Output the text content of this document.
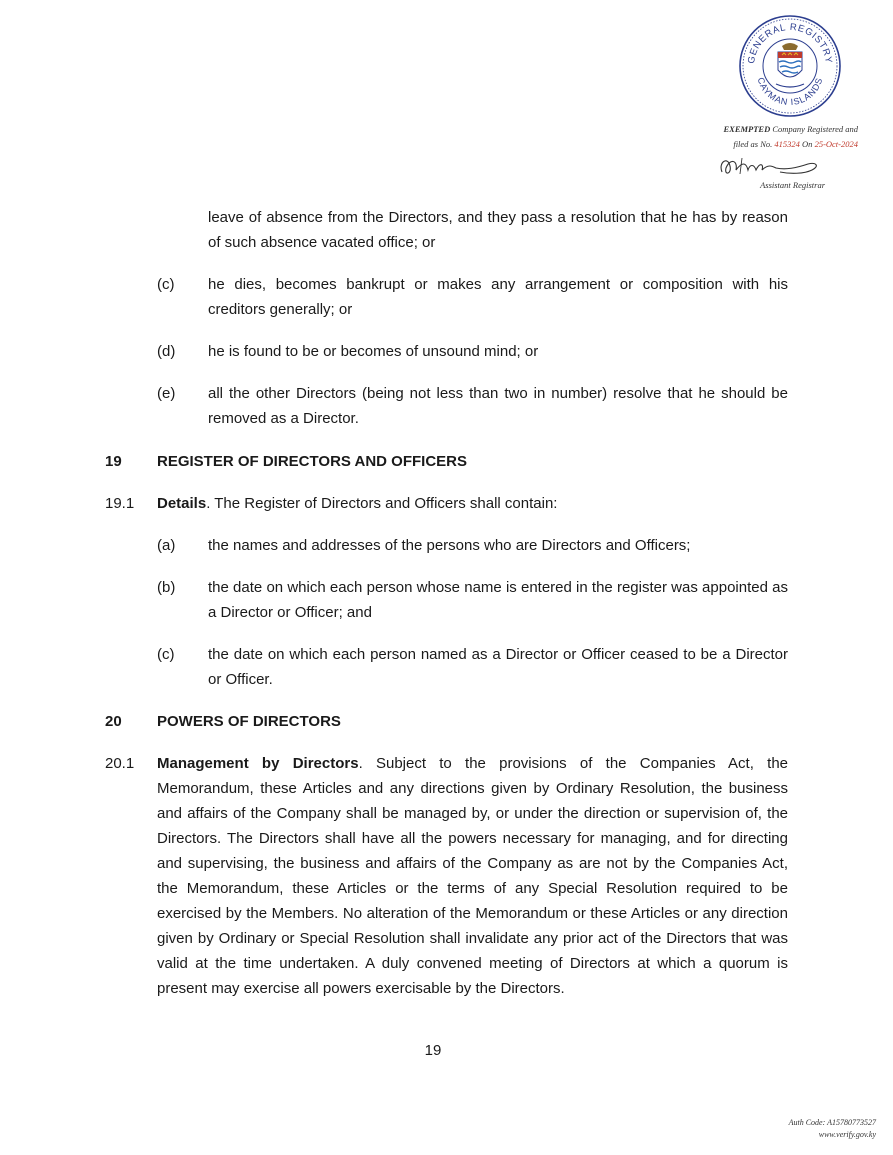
GENERAL REGISTRY
CAYMAN ISLANDS
EXEMPTED Company Registered and
filed as No. 415324 On 25-Oct-2024
Assistant Registrar
leave of absence from the Directors, and they pass a resolution that he has by reason of such absence vacated office; or
(c) he dies, becomes bankrupt or makes any arrangement or composition with his creditors generally; or
(d) he is found to be or becomes of unsound mind; or
(e) all the other Directors (being not less than two in number) resolve that he should be removed as a Director.
19 REGISTER OF DIRECTORS AND OFFICERS
19.1 Details. The Register of Directors and Officers shall contain:
(a) the names and addresses of the persons who are Directors and Officers;
(b) the date on which each person whose name is entered in the register was appointed as a Director or Officer; and
(c) the date on which each person named as a Director or Officer ceased to be a Director or Officer.
20 POWERS OF DIRECTORS
20.1 Management by Directors. Subject to the provisions of the Companies Act, the Memorandum, these Articles and any directions given by Ordinary Resolution, the business and affairs of the Company shall be managed by, or under the direction or supervision of, the Directors. The Directors shall have all the powers necessary for managing, and for directing and supervising, the business and affairs of the Company as are not by the Companies Act, the Memorandum, these Articles or the terms of any Special Resolution required to be exercised by the Members. No alteration of the Memorandum or these Articles or any direction given by Ordinary or Special Resolution shall invalidate any prior act of the Directors that was valid at the time undertaken. A duly convened meeting of Directors at which a quorum is present may exercise all powers exercisable by the Directors.
19
Auth Code: A15780773527
www.verify.gov.ky
